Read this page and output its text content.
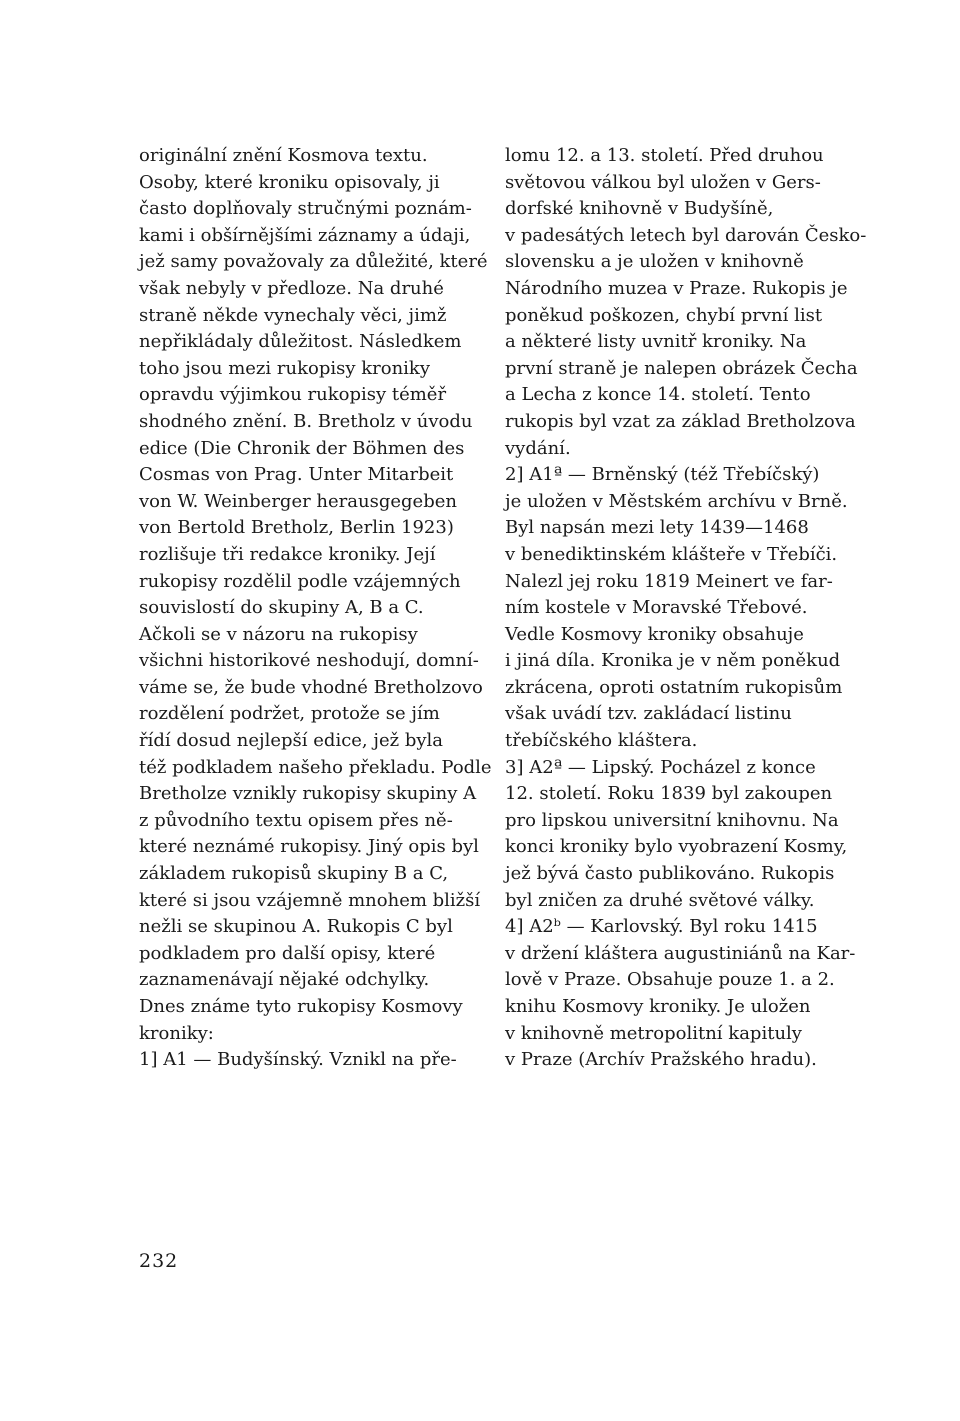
originální znění Kosmova textu.
Osoby, které kroniku opisovaly, ji
často doplňovaly stručnými poznám-
kami i obšírnějšími záznamy a údaji,
jež samy považovaly za důležité, které
však nebyly v předloze. Na druhé
straně někde vynechaly věci, jimž
nepřikládaly důležitost. Následkem
toho jsou mezi rukopisy kroniky
opravdu výjimkou rukopisy téměř
shodného znění. B. Bretholz v úvodu
edice (Die Chronik der Böhmen des
Cosmas von Prag. Unter Mitarbeit
von W. Weinberger herausgegeben
von Bertold Bretholz, Berlin 1923)
rozlišuje tři redakce kroniky. Její
rukopisy rozdělil podle vzájemných
souvislostí do skupiny A, B a C.
Ačkoli se v názoru na rukopisy
všichni historikové neshodují, domní-
váme se, že bude vhodné Bretholzovo
rozdělení podržet, protože se jím
řídí dosud nejlepší edice, jež byla
též podkladem našeho překladu. Podle
Bretholze vznikly rukopisy skupiny A
z původního textu opisem přes ně-
které neznámé rukopisy. Jiný opis byl
základem rukopisů skupiny B a C,
které si jsou vzájemně mnohem bližší
nežli se skupinou A. Rukopis C byl
podkladem pro další opisy, které
zaznamenávají nějaké odchylky.
Dnes známe tyto rukopisy Kosmovy
kroniky:
1] A1 — Budyšínský. Vznikl na pře-
lomu 12. a 13. století. Před druhou
světovou válkou byl uložen v Gers-
dorfské knihovně v Budyšíně,
v padesátých letech byl darován Česko-
slovensku a je uložen v knihovně
Národního muzea v Praze. Rukopis je
poněkud poškozen, chybí první list
a některé listy uvnitř kroniky. Na
první straně je nalepen obrázek Čecha
a Lecha z konce 14. století. Tento
rukopis byl vzat za základ Bretholzova
vydání.
2] A1ª — Brněnský (též Třebíčský)
je uložen v Městském archívu v Brně.
Byl napsán mezi lety 1439—1468
v benediktinském klášteře v Třebíči.
Nalezl jej roku 1819 Meinert ve far-
ním kostele v Moravské Třebové.
Vedle Kosmovy kroniky obsahuje
i jiná díla. Kronika je v něm poněkud
zkrácena, oproti ostatním rukopisům
však uvádí tzv. zakládací listinu
třebíčského kláštera.
3] A2ª — Lipský. Pocházel z konce
12. století. Roku 1839 byl zakoupen
pro lipskou universitní knihovnu. Na
konci kroniky bylo vyobrazení Kosmy,
jež bývá často publikováno. Rukopis
byl zničen za druhé světové války.
4] A2ᵇ — Karlovský. Byl roku 1415
v držení kláštera augustiniánů na Kar-
lově v Praze. Obsahuje pouze 1. a 2.
knihu Kosmovy kroniky. Je uložen
v knihovně metropolitní kapituly
v Praze (Archív Pražského hradu).
232
